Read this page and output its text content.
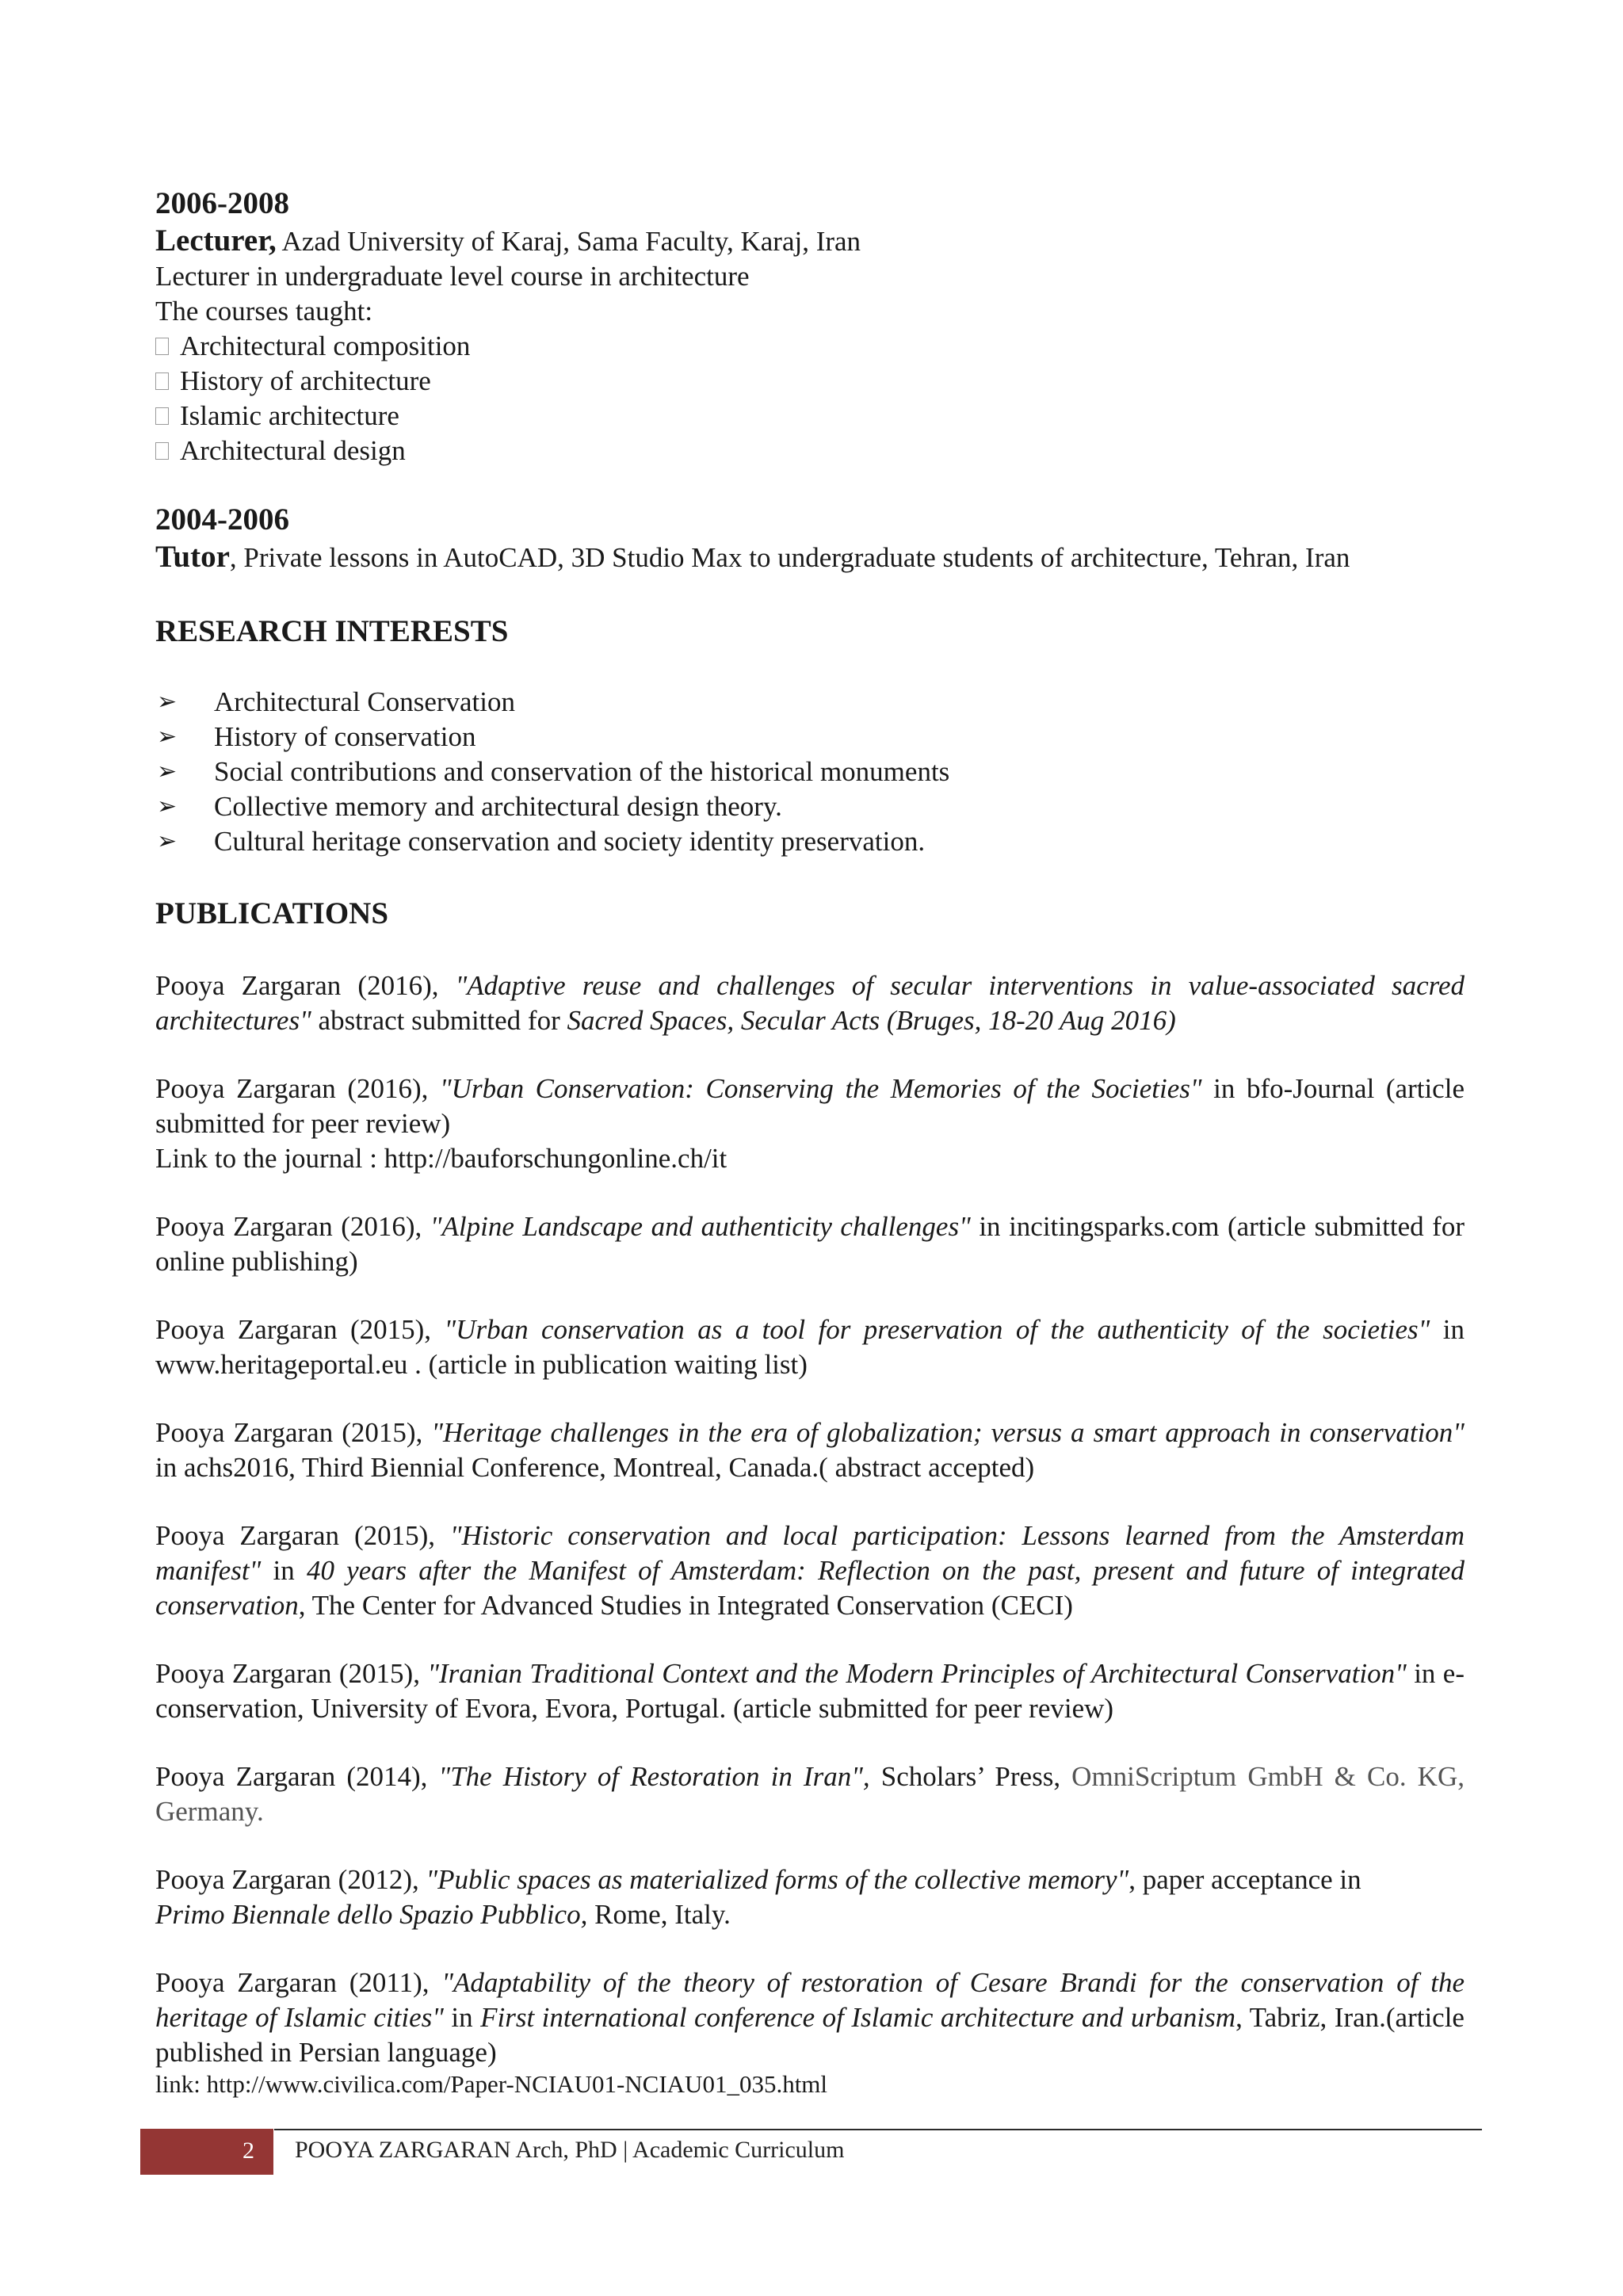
2006-2008
Lecturer, Azad University of Karaj, Sama Faculty, Karaj, Iran
Lecturer in undergraduate level course in architecture
The courses taught:
Architectural composition
History of architecture
Islamic architecture
Architectural design
2004-2006
Tutor, Private lessons in AutoCAD, 3D Studio Max to undergraduate students of architecture, Tehran, Iran
RESEARCH INTERESTS
➢	Architectural Conservation
➢	History of conservation
➢	Social contributions and conservation of the historical monuments
➢	Collective memory and architectural design theory.
➢	Cultural heritage conservation and society identity preservation.
PUBLICATIONS

Pooya Zargaran (2016), "Adaptive reuse and challenges of secular interventions in value-associated sacred architectures" abstract submitted for Sacred Spaces, Secular Acts (Bruges, 18-20 Aug 2016)

Pooya Zargaran (2016), "Urban Conservation: Conserving the Memories of the Societies" in bfo-Journal (article submitted for peer review)
Link to the journal : http://bauforschungonline.ch/it

Pooya Zargaran (2016), "Alpine Landscape and authenticity challenges" in incitingsparks.com (article submitted for online publishing)

Pooya Zargaran (2015), "Urban conservation as a tool for preservation of the authenticity of the societies" in www.heritageportal.eu . (article in publication waiting list)

Pooya Zargaran (2015), "Heritage challenges in the era of globalization; versus a smart approach in conservation" in achs2016, Third Biennial Conference, Montreal, Canada.( abstract accepted)

Pooya Zargaran (2015), "Historic conservation and local participation: Lessons learned from the Amsterdam manifest" in 40 years after the Manifest of Amsterdam: Reflection on the past, present and future of integrated conservation, The Center for Advanced Studies in Integrated Conservation (CECI)

Pooya Zargaran (2015), "Iranian Traditional Context and the Modern Principles of Architectural Conservation" in e-conservation, University of Evora, Evora, Portugal. (article submitted for peer review)

Pooya Zargaran (2014), "The History of Restoration in Iran", Scholars’ Press, OmniScriptum GmbH & Co. KG, Germany.

Pooya Zargaran (2012), "Public spaces as materialized forms of the collective memory", paper acceptance in
Primo Biennale dello Spazio Pubblico, Rome, Italy.

Pooya Zargaran (2011), "Adaptability of the theory of restoration of Cesare Brandi for the conservation of the heritage of Islamic cities" in First international conference of Islamic architecture and urbanism, Tabriz, Iran.(article published in Persian language)

link: http://www.civilica.com/Paper-NCIAU01-NCIAU01_035.html
2	POOYA ZARGARAN Arch, PhD | Academic Curriculum
